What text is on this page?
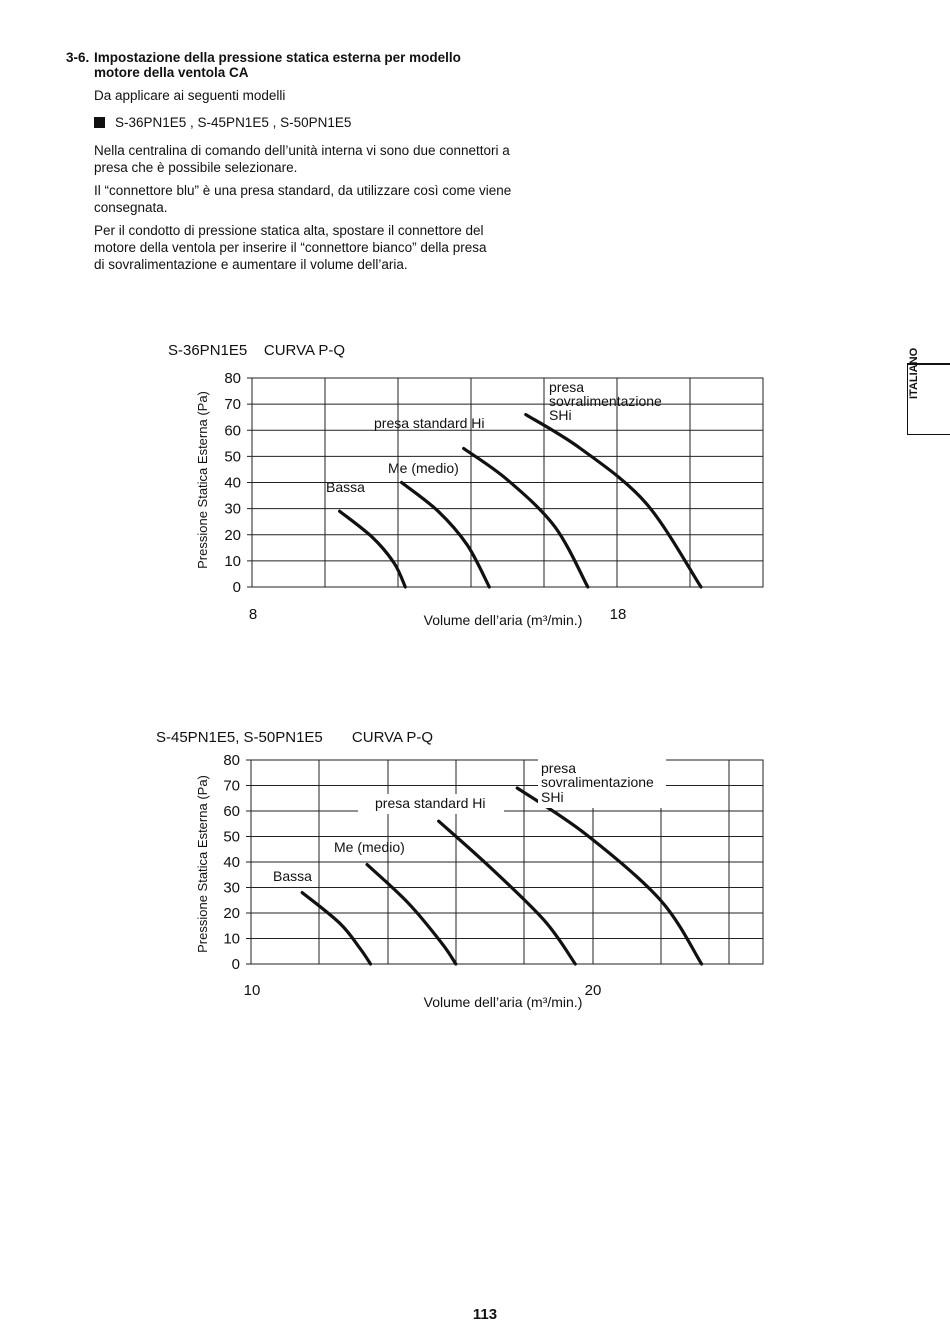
3-6. Impostazione della pressione statica esterna per modello motore della ventola CA
Da applicare ai seguenti modelli
S-36PN1E5 , S-45PN1E5 , S-50PN1E5
Nella centralina di comando dell’unità interna vi sono due connettori a presa che è possibile selezionare.
Il “connettore blu” è una presa standard, da utilizzare così come viene consegnata.
Per il condotto di pressione statica alta, spostare il connettore del motore della ventola per inserire il “connettore bianco” della presa di sovralimentazione e aumentare il volume dell’aria.
ITALIANO
S-36PN1E5    CURVA P-Q
Pressione Statica Esterna (Pa)
Volume dell’aria (m³/min.)
8	18
0
10
20
30
40
50
60
70
80
Bassa
Me (medio)
presa standard Hi
presa
sovralimentazione
SHi
S-45PN1E5, S-50PN1E5       CURVA P-Q
Pressione Statica Esterna (Pa)
Volume dell’aria (m³/min.)
10	20
0
10
20
30
40
50
60
70
80
Bassa
Me (medio)
presa standard Hi
presa
sovralimentazione
SHi
113
